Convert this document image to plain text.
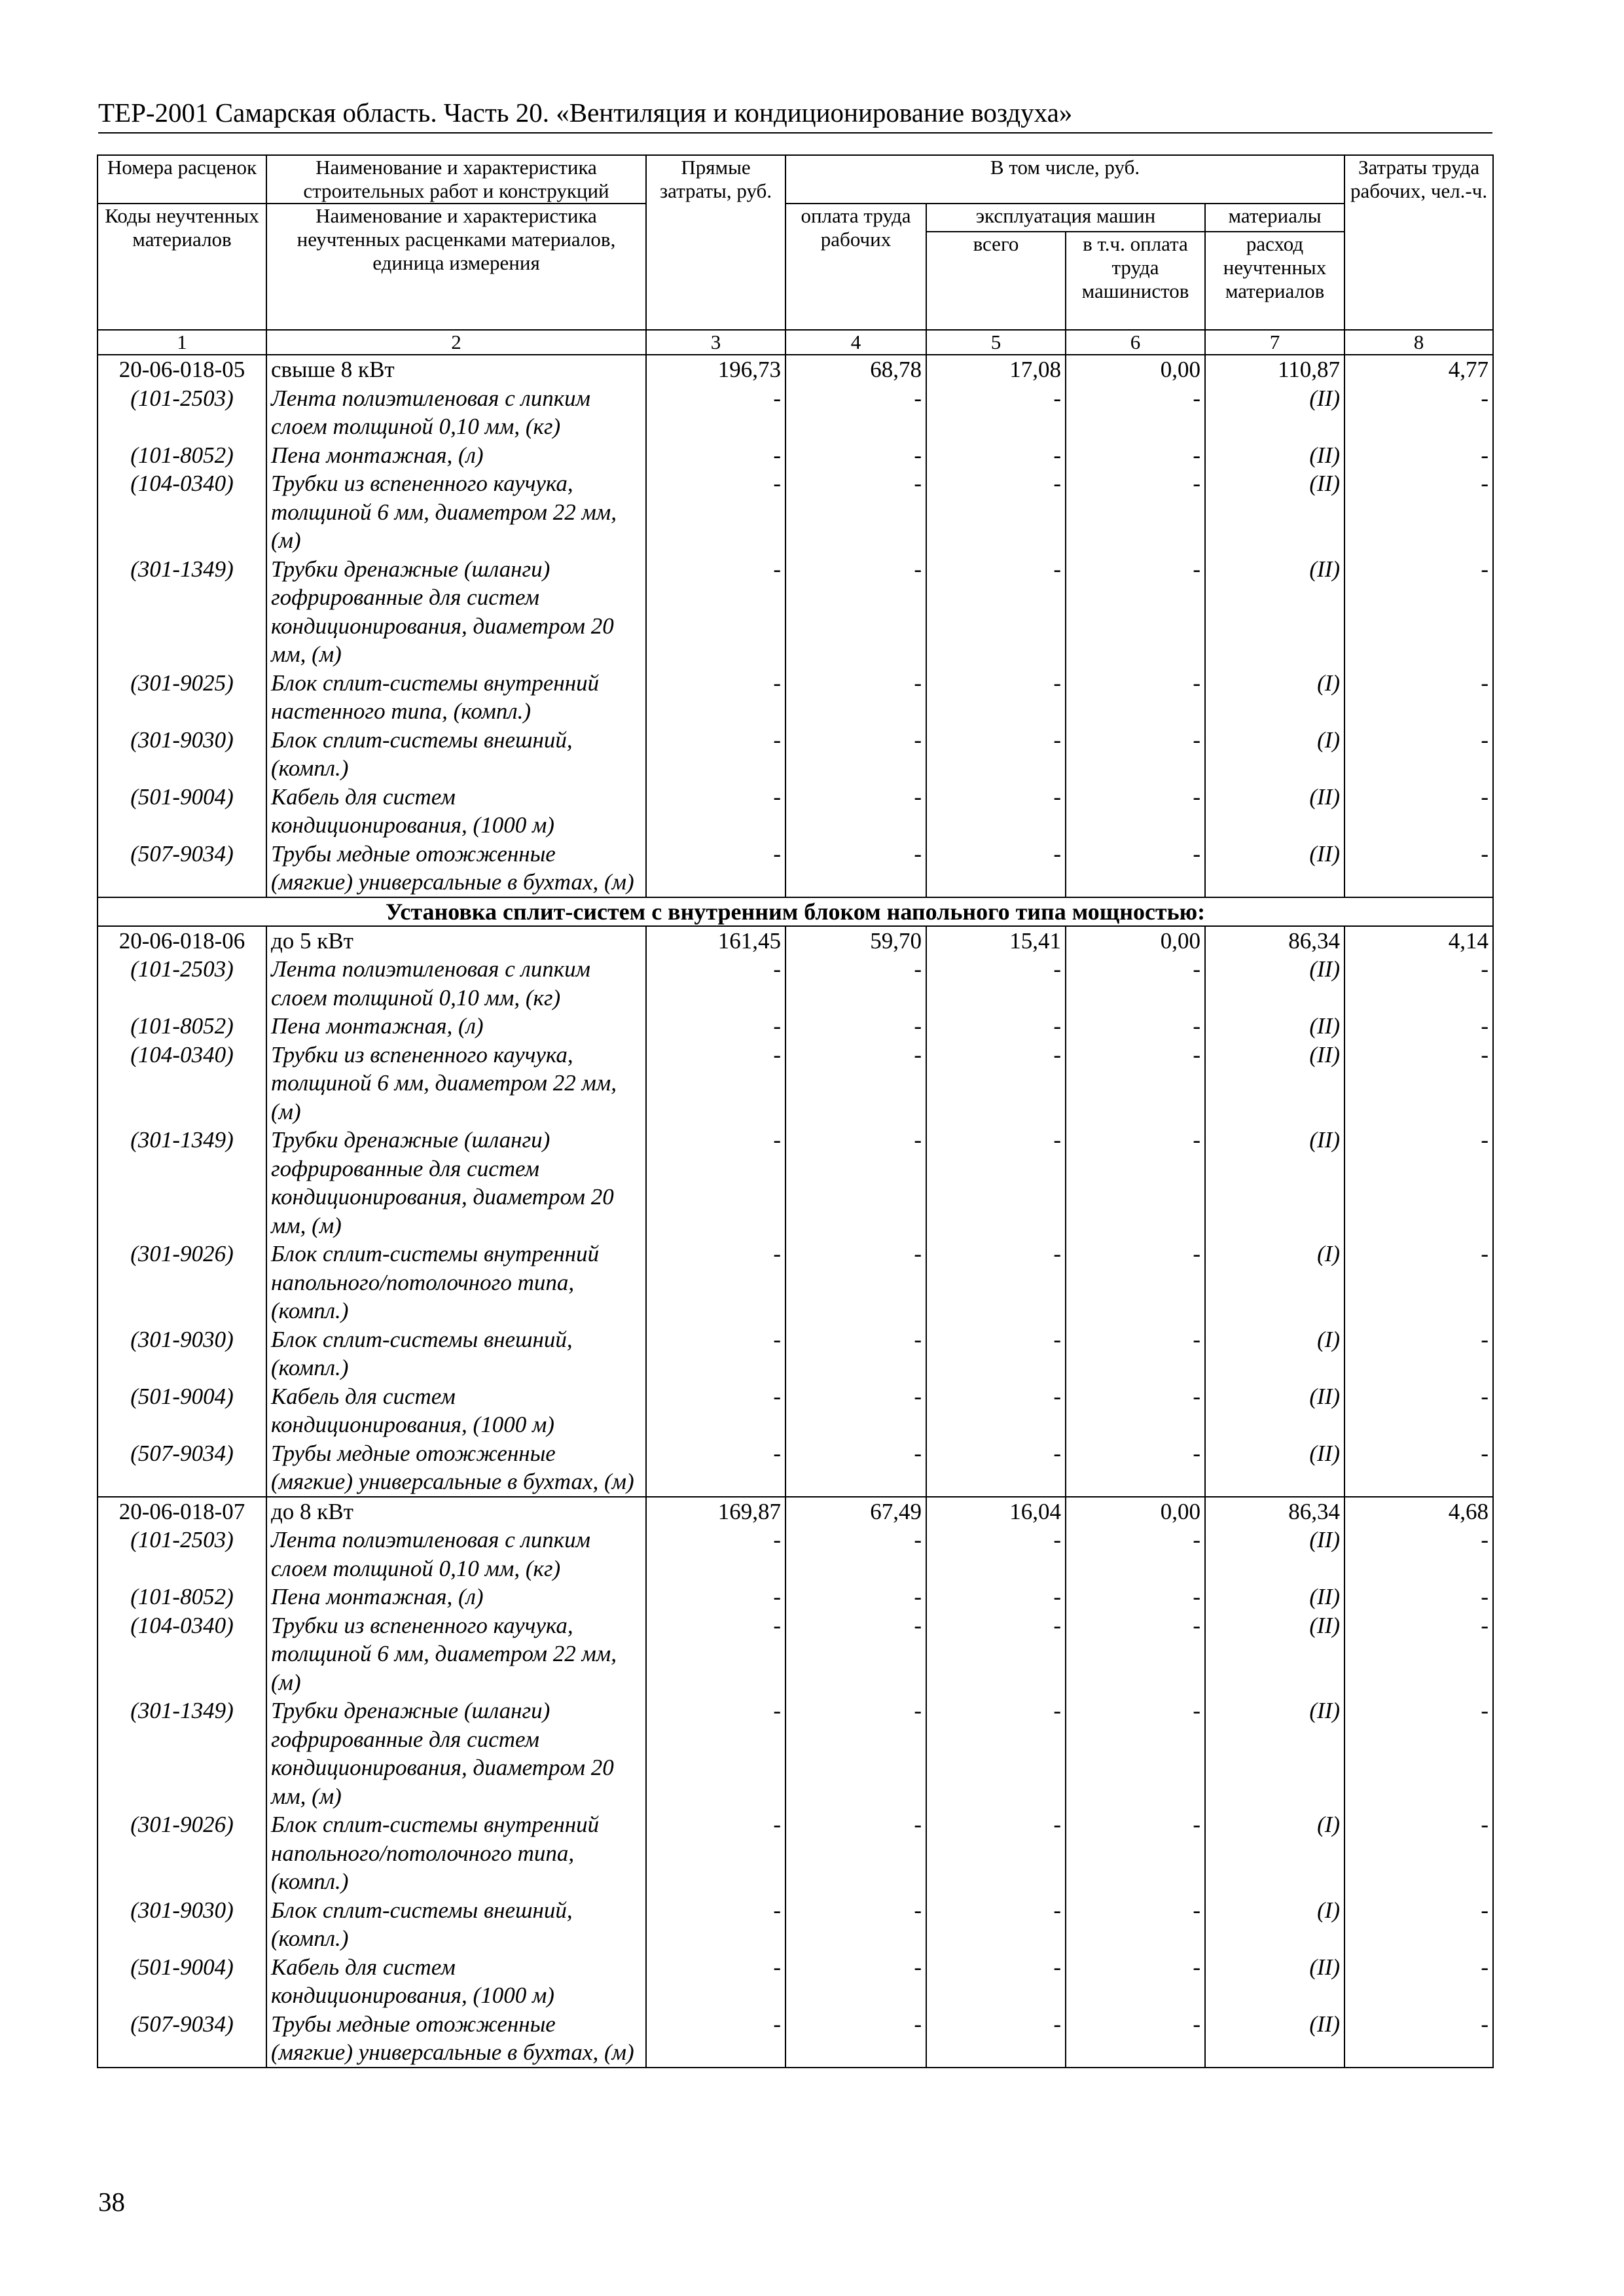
ТЕР-2001 Самарская область. Часть 20. «Вентиляция и кондиционирование воздуха»
Номера расценок	Наименование и характеристика строительных работ и конструкций	Прямые затраты, руб.	В том числе, руб.				Затраты труда рабочих, чел.-ч.
Коды неучтенных материалов	Наименование и характеристика неучтенных расценками материалов, единица измерения		оплата труда рабочих	эксплуатация машин		материалы	
				всего	в т.ч. оплата труда машинистов	расход неучтенных материалов	
1	2	3	4	5	6	7	8
20-06-018-05	свыше 8 кВт	196,73	68,78	17,08	0,00	110,87	4,77
(101-2503)	Лента полиэтиленовая с липким слоем толщиной 0,10 мм, (кг)	-	-	-	-	(II)	-
(101-8052)	Пена монтажная, (л)	-	-	-	-	(II)	-
(104-0340)	Трубки из вспененного каучука, толщиной 6 мм, диаметром 22 мм, (м)	-	-	-	-	(II)	-
(301-1349)	Трубки дренажные (шланги) гофрированные для систем кондиционирования, диаметром 20 мм, (м)	-	-	-	-	(II)	-
(301-9025)	Блок сплит-системы внутренний настенного типа, (компл.)	-	-	-	-	(I)	-
(301-9030)	Блок сплит-системы внешний, (компл.)	-	-	-	-	(I)	-
(501-9004)	Кабель для систем кондиционирования, (1000 м)	-	-	-	-	(II)	-
(507-9034)	Трубы медные отожженные (мягкие) универсальные в бухтах, (м)	-	-	-	-	(II)	-
Установка сплит-систем с внутренним блоком напольного типа мощностью:							
20-06-018-06	до 5 кВт	161,45	59,70	15,41	0,00	86,34	4,14
(101-2503)	Лента полиэтиленовая с липким слоем толщиной 0,10 мм, (кг)	-	-	-	-	(II)	-
(101-8052)	Пена монтажная, (л)	-	-	-	-	(II)	-
(104-0340)	Трубки из вспененного каучука, толщиной 6 мм, диаметром 22 мм, (м)	-	-	-	-	(II)	-
(301-1349)	Трубки дренажные (шланги) гофрированные для систем кондиционирования, диаметром 20 мм, (м)	-	-	-	-	(II)	-
(301-9026)	Блок сплит-системы внутренний напольного/потолочного типа, (компл.)	-	-	-	-	(I)	-
(301-9030)	Блок сплит-системы внешний, (компл.)	-	-	-	-	(I)	-
(501-9004)	Кабель для систем кондиционирования, (1000 м)	-	-	-	-	(II)	-
(507-9034)	Трубы медные отожженные (мягкие) универсальные в бухтах, (м)	-	-	-	-	(II)	-
20-06-018-07	до 8 кВт	169,87	67,49	16,04	0,00	86,34	4,68
(101-2503)	Лента полиэтиленовая с липким слоем толщиной 0,10 мм, (кг)	-	-	-	-	(II)	-
(101-8052)	Пена монтажная, (л)	-	-	-	-	(II)	-
(104-0340)	Трубки из вспененного каучука, толщиной 6 мм, диаметром 22 мм, (м)	-	-	-	-	(II)	-
(301-1349)	Трубки дренажные (шланги) гофрированные для систем кондиционирования, диаметром 20 мм, (м)	-	-	-	-	(II)	-
(301-9026)	Блок сплит-системы внутренний напольного/потолочного типа, (компл.)	-	-	-	-	(I)	-
(301-9030)	Блок сплит-системы внешний, (компл.)	-	-	-	-	(I)	-
(501-9004)	Кабель для систем кондиционирования, (1000 м)	-	-	-	-	(II)	-
(507-9034)	Трубы медные отожженные (мягкие) универсальные в бухтах, (м)	-	-	-	-	(II)	-
38
